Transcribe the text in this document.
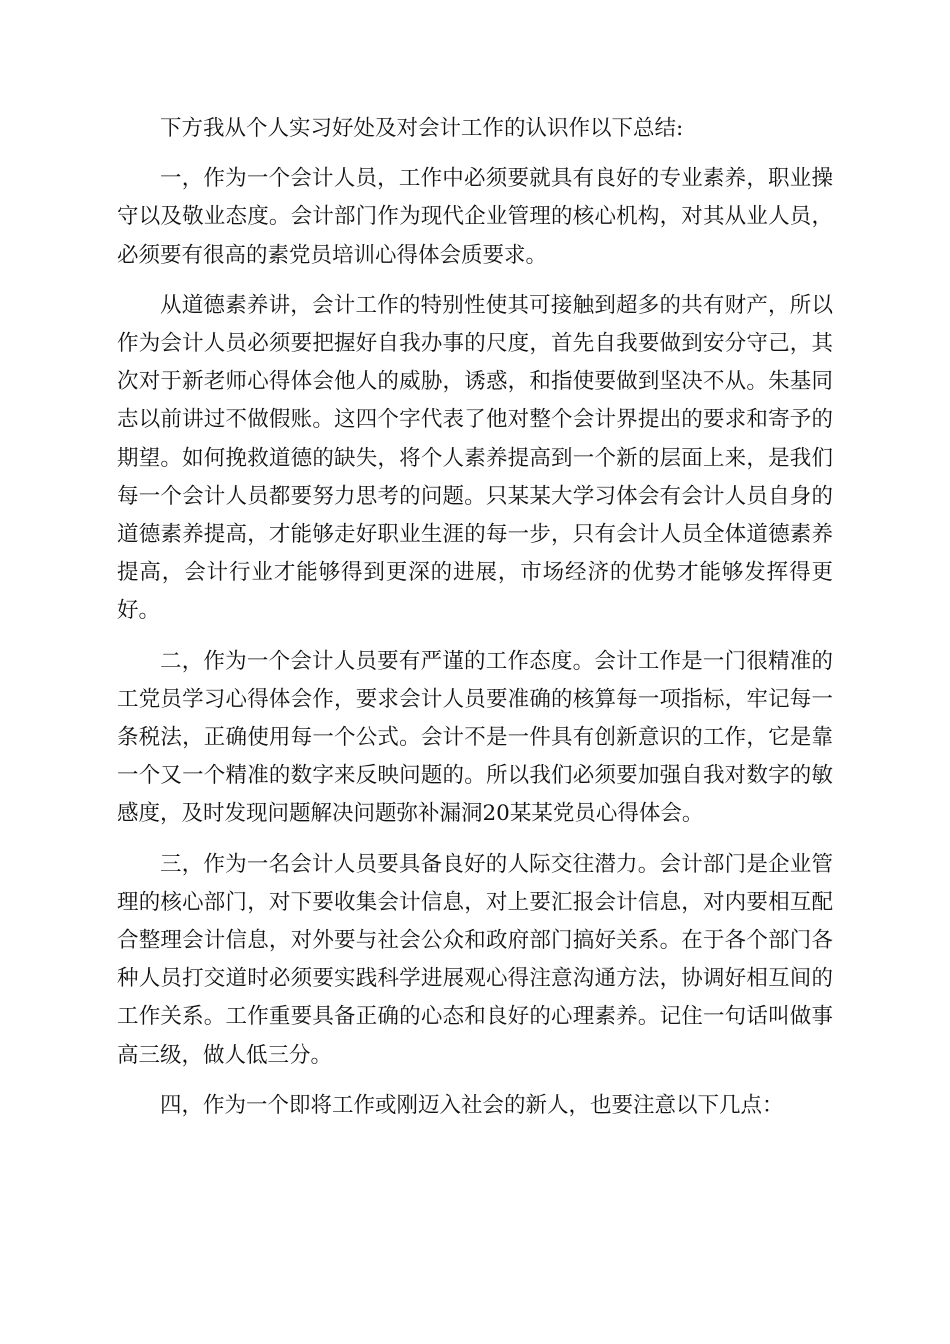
下方我从个人实习好处及对会计工作的认识作以下总结:

一，作为一个会计人员，工作中必须要就具有良好的专业素养，职业操守以及敬业态度。会计部门作为现代企业管理的核心机构，对其从业人员，必须要有很高的素党员培训心得体会质要求。

从道德素养讲，会计工作的特别性使其可接触到超多的共有财产，所以作为会计人员必须要把握好自我办事的尺度，首先自我要做到安分守己，其次对于新老师心得体会他人的威胁，诱惑，和指使要做到坚决不从。朱基同志以前讲过不做假账。这四个字代表了他对整个会计界提出的要求和寄予的期望。如何挽救道德的缺失，将个人素养提高到一个新的层面上来，是我们每一个会计人员都要努力思考的问题。只某某大学习体会有会计人员自身的道德素养提高，才能够走好职业生涯的每一步，只有会计人员全体道德素养提高，会计行业才能够得到更深的进展，市场经济的优势才能够发挥得更好。

二，作为一个会计人员要有严谨的工作态度。会计工作是一门很精准的工党员学习心得体会作，要求会计人员要准确的核算每一项指标，牢记每一条税法，正确使用每一个公式。会计不是一件具有创新意识的工作，它是靠一个又一个精准的数字来反映问题的。所以我们必须要加强自我对数字的敏感度，及时发现问题解决问题弥补漏洞20某某党员心得体会。

三，作为一名会计人员要具备良好的人际交往潜力。会计部门是企业管理的核心部门，对下要收集会计信息，对上要汇报会计信息，对内要相互配合整理会计信息，对外要与社会公众和政府部门搞好关系。在于各个部门各种人员打交道时必须要实践科学进展观心得注意沟通方法，协调好相互间的工作关系。工作重要具备正确的心态和良好的心理素养。记住一句话叫做事高三级，做人低三分。

四，作为一个即将工作或刚迈入社会的新人，也要注意以下几点：
